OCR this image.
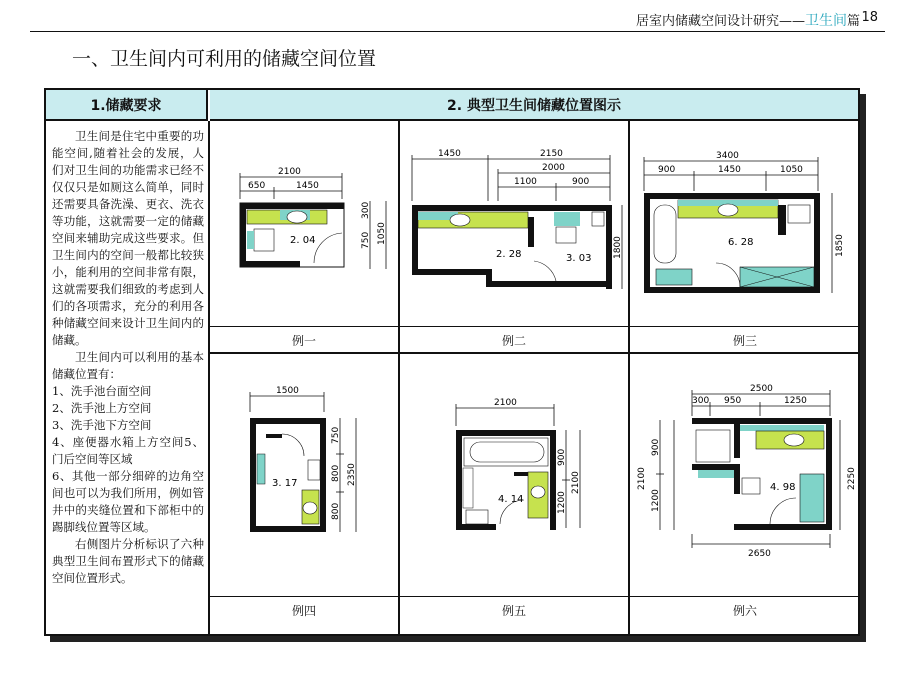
居室内储藏空间设计研究——卫生间篇 18
一、卫生间内可利用的储藏空间位置
1.储藏要求	2. 典型卫生间储藏位置图示

卫生间是住宅中重要的功能空间,随着社会的发展，人们对卫生间的功能需求已经不仅仅只是如厕这么简单，同时还需要具备洗澡、更衣、洗衣等功能，这就需要一定的储藏空间来辅助完成这些要求。但卫生间内的空间一般都比较狭小，能利用的空间非常有限，这就需要我们细致的考虑到人们的各项需求，充分的利用各种储藏空间来设计卫生间内的储藏。

卫生间内可以利用的基本储藏位置有：

1、洗手池台面空间

2、洗手池上方空间

3、洗手池下方空间

4、座便器水箱上方空间5、门后空间等区域

6、其他一部分细碎的边角空间也可以为我们所用，例如管井中的夹缝位置和下部柜中的踢脚线位置等区域。

右侧图片分析标识了六种典型卫生间布置形式下的储藏空间位置形式。

2100
650	1450
300
750 1050
2. 04
例一
1450	2150
2000
1100	900
1800
2. 28	3. 03
例二
3400
900	1450	1050
1850
6. 28
例三
1500
750
800
800
2350
3. 17
例四
2100
900
1200
2100
4. 14
例五
2500
300 950	1250
900
1200
2100	2250
2650
4. 98
例六
